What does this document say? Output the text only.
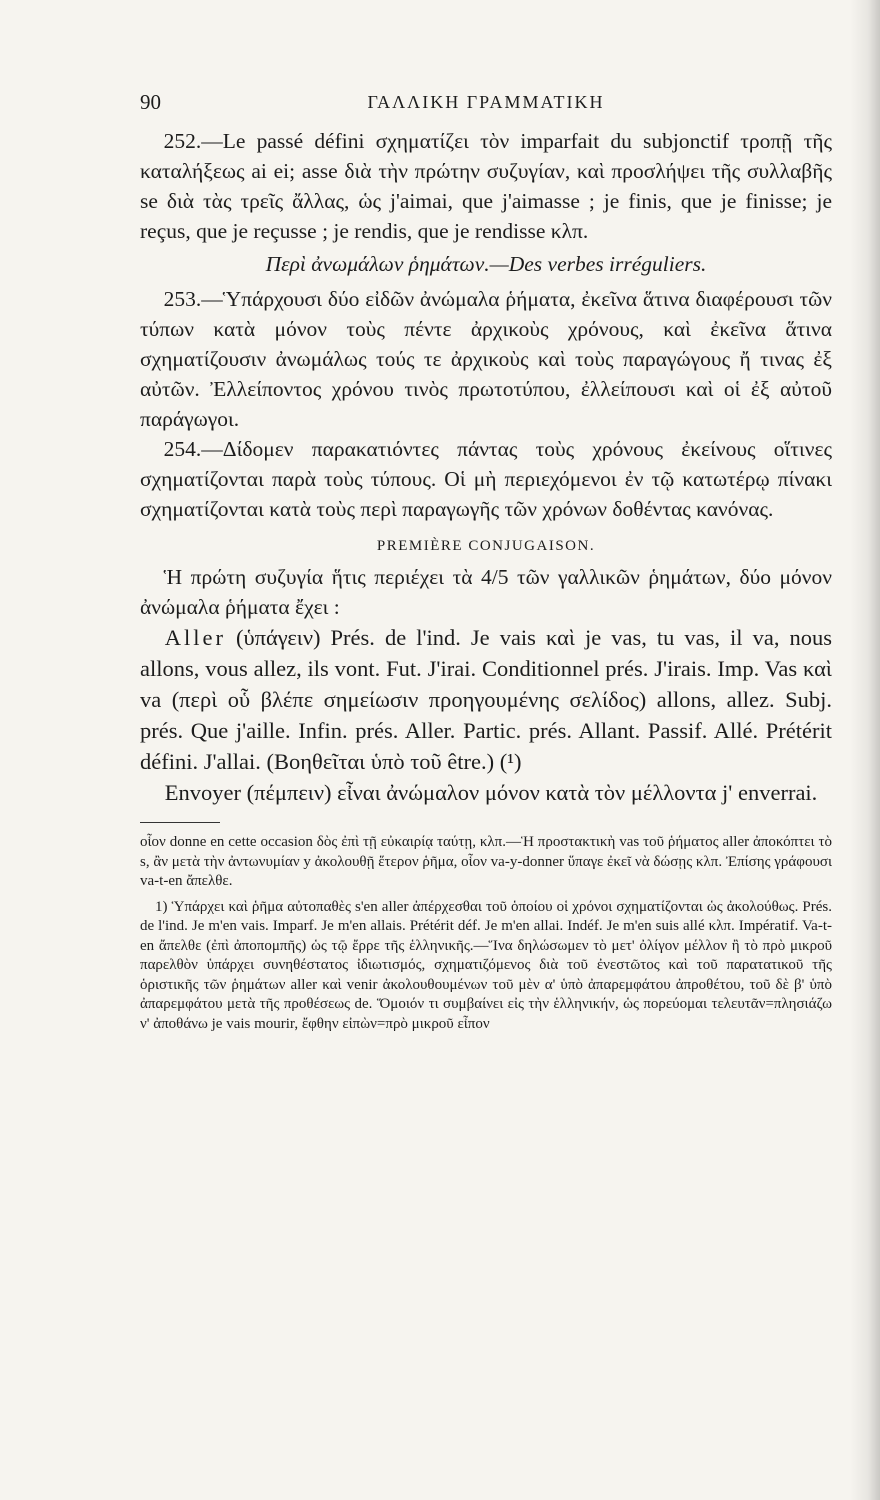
90	ΓΑΛΛΙΚΗ ΓΡΑΜΜΑΤΙΚΗ

252.—Le passé défini σχηματίζει τὸν imparfait du subjonctif τροπῇ τῆς καταλήξεως ai ei; asse διὰ τὴν πρώτην συζυγίαν, καὶ προσλήψει τῆς συλλαβῆς se διὰ τὰς τρεῖς ἄλλας, ὡς j'aimai, que j'aimasse ; je finis, que je finisse; je reçus, que je reçusse ; je rendis, que je rendisse κλπ.

Περὶ ἀνωμάλων ῥημάτων.—Des verbes irréguliers.

253.—Ὑπάρχουσι δύο εἰδῶν ἀνώμαλα ῥήματα, ἐκεῖνα ἅτινα διαφέρουσι τῶν τύπων κατὰ μόνον τοὺς πέντε ἀρχικοὺς χρόνους, καὶ ἐκεῖνα ἅτινα σχηματίζουσιν ἀνωμάλως τούς τε ἀρχικοὺς καὶ τοὺς παραγώγους ἤ τινας ἐξ αὐτῶν. Ἐλλείποντος χρόνου τινὸς πρωτοτύπου, ἐλλείπουσι καὶ οἱ ἐξ αὐτοῦ παράγωγοι.

254.—Δίδομεν παρακατιόντες πάντας τοὺς χρόνους ἐκείνους οἵτινες σχηματίζονται παρὰ τοὺς τύπους. Οἱ μὴ περιεχόμενοι ἐν τῷ κατωτέρῳ πίνακι σχηματίζονται κατὰ τοὺς περὶ παραγωγῆς τῶν χρόνων δοθέντας κανόνας.

PREMIÈRE CONJUGAISON.

Ἡ πρώτη συζυγία ἥτις περιέχει τὰ 4/5 τῶν γαλλικῶν ῥημάτων, δύο μόνον ἀνώμαλα ῥήματα ἔχει :

Aller (ὑπάγειν) Prés. de l'ind. Je vais καὶ je vas, tu vas, il va, nous allons, vous allez, ils vont. Fut. J'irai. Conditionnel prés. J'irais. Imp. Vas καὶ va (περὶ οὗ βλέπε σημείωσιν προηγουμένης σελίδος) allons, allez. Subj. prés. Que j'aille. Infin. prés. Aller. Partic. prés. Allant. Passif. Allé. Prétérit défini. J'allai. (Βοηθεῖται ὑπὸ τοῦ être.) (¹)

Envoyer (πέμπειν) εἶναι ἀνώμαλον μόνον κατὰ τὸν μέλλοντα j' enverrai.

οἷον donne en cette occasion δὸς ἐπὶ τῇ εὐκαιρίᾳ ταύτῃ, κλπ.—Ἡ προστακτικὴ vas τοῦ ῥήματος aller ἀποκόπτει τὸ s, ἂν μετὰ τὴν ἀντωνυμίαν y ἀκολουθῇ ἕτερον ῥῆμα, οἷον va-y-donner ὕπαγε ἐκεῖ νὰ δώσῃς κλπ. Ἐπίσης γράφουσι va-t-en ἄπελθε.

1) Ὑπάρχει καὶ ῥῆμα αὐτοπαθὲς s'en aller ἀπέρχεσθαι τοῦ ὁποίου οἱ χρόνοι σχηματίζονται ὡς ἀκολούθως. Prés. de l'ind. Je m'en vais. Imparf. Je m'en allais. Prétérit déf. Je m'en allai. Indéf. Je m'en suis allé κλπ. Impératif. Va-t-en ἄπελθε (ἐπὶ ἀποπομπῆς) ὡς τῷ ἔρρε τῆς ἑλληνικῆς.—Ἵνα δηλώσωμεν τὸ μετ' ὀλίγον μέλλον ἢ τὸ πρὸ μικροῦ παρελθὸν ὑπάρχει συνηθέστατος ἰδιωτισμός, σχηματιζόμενος διὰ τοῦ ἐνεστῶτος καὶ τοῦ παρατατικοῦ τῆς ὁριστικῆς τῶν ῥημάτων aller καὶ venir ἀκολουθουμένων τοῦ μὲν α' ὑπὸ ἀπαρεμφάτου ἀπροθέτου, τοῦ δὲ β' ὑπὸ ἀπαρεμφάτου μετὰ τῆς προθέσεως de. Ὅμοιόν τι συμβαίνει εἰς τὴν ἑλληνικήν, ὡς πορεύομαι τελευτᾶν=πλησιάζω ν' ἀποθάνω je vais mourir, ἔφθην εἰπὼν=πρὸ μικροῦ εἶπον
